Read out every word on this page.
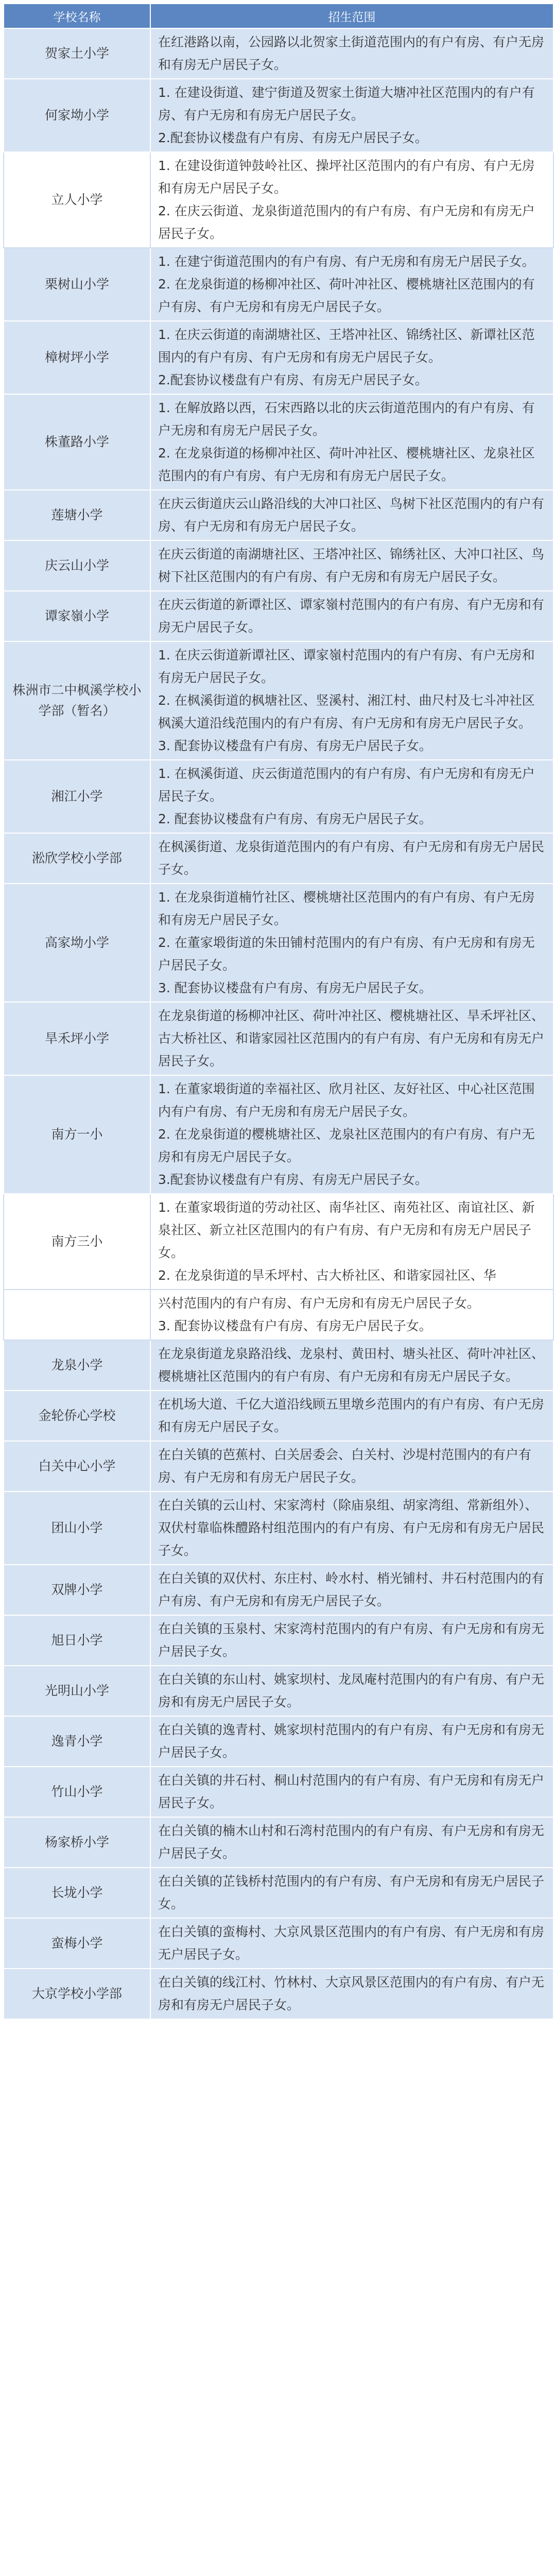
学校名称	招生范围
贺家土小学	在红港路以南，公园路以北贺家土街道范围内的有户有房、有户无房和有房无户居民子女。

何家坳小学	1. 在建设街道、建宁街道及贺家土街道大塘冲社区范围内的有户有房、有户无房和有房无户居民子女。
2.配套协议楼盘有户有房、有房无户居民子女。

立人小学	1. 在建设街道钟鼓岭社区、操坪社区范围内的有户有房、有户无房和有房无户居民子女。
2. 在庆云街道、龙泉街道范围内的有户有房、有户无房和有房无户居民子女。

栗树山小学	1. 在建宁街道范围内的有户有房、有户无房和有房无户居民子女。
2. 在龙泉街道的杨柳冲社区、荷叶冲社区、樱桃塘社区范围内的有户有房、有户无房和有房无户居民子女。

樟树坪小学	1. 在庆云街道的南湖塘社区、王塔冲社区、锦绣社区、新谭社区范围内的有户有房、有户无房和有房无户居民子女。
2.配套协议楼盘有户有房、有房无户居民子女。

株董路小学	1. 在解放路以西，石宋西路以北的庆云街道范围内的有户有房、有户无房和有房无户居民子女。
2. 在龙泉街道的杨柳冲社区、荷叶冲社区、樱桃塘社区、龙泉社区范围内的有户有房、有户无房和有房无户居民子女。

莲塘小学	在庆云街道庆云山路沿线的大冲口社区、鸟树下社区范围内的有户有房、有户无房和有房无户居民子女。

庆云山小学	在庆云街道的南湖塘社区、王塔冲社区、锦绣社区、大冲口社区、鸟树下社区范围内的有户有房、有户无房和有房无户居民子女。

谭家嶺小学	在庆云街道的新谭社区、谭家嶺村范围内的有户有房、有户无房和有房无户居民子女。

株洲市二中枫溪学校小学部（暂名）	1. 在庆云街道新谭社区、谭家嶺村范围内的有户有房、有户无房和有房无户居民子女。
2. 在枫溪街道的枫塘社区、竖溪村、湘江村、曲尺村及七斗冲社区枫溪大道沿线范围内的有户有房、有户无房和有房无户居民子女。
3. 配套协议楼盘有户有房、有房无户居民子女。

湘江小学	1. 在枫溪街道、庆云街道范围内的有户有房、有户无房和有房无户居民子女。
2. 配套协议楼盘有户有房、有房无户居民子女。

淞欣学校小学部	在枫溪街道、龙泉街道范围内的有户有房、有户无房和有房无户居民子女。

高家坳小学	1. 在龙泉街道楠竹社区、樱桃塘社区范围内的有户有房、有户无房和有房无户居民子女。
2. 在董家塅街道的朱田铺村范围内的有户有房、有户无房和有房无户居民子女。
3. 配套协议楼盘有户有房、有房无户居民子女。

旱禾坪小学	在龙泉街道的杨柳冲社区、荷叶冲社区、樱桃塘社区、旱禾坪社区、古大桥社区、和谐家园社区范围内的有户有房、有户无房和有房无户居民子女。

南方一小	1. 在董家塅街道的幸福社区、欣月社区、友好社区、中心社区范围内有户有房、有户无房和有房无户居民子女。
2. 在龙泉街道的樱桃塘社区、龙泉社区范围内的有户有房、有户无房和有房无户居民子女。
3.配套协议楼盘有户有房、有房无户居民子女。

南方三小	1. 在董家塅街道的劳动社区、南华社区、南苑社区、南谊社区、新泉社区、新立社区范围内的有户有房、有户无房和有房无户居民子女。
2. 在龙泉街道的旱禾坪村、古大桥社区、和谐家园社区、华

	兴村范围内的有户有房、有户无房和有房无户居民子女。
3. 配套协议楼盘有户有房、有房无户居民子女。

龙泉小学	在龙泉街道龙泉路沿线、龙泉村、黄田村、塘头社区、荷叶冲社区、樱桃塘社区范围内的有户有房、有户无房和有房无户居民子女。

金轮侨心学校	在机场大道、千亿大道沿线顾五里墩乡范围内的有户有房、有户无房和有房无户居民子女。

白关中心小学	在白关镇的芭蕉村、白关居委会、白关村、沙堤村范围内的有户有房、有户无房和有房无户居民子女。

团山小学	在白关镇的云山村、宋家湾村（除庙泉组、胡家湾组、常新组外）、双伏村靠临株醴路村组范围内的有户有房、有户无房和有房无户居民子女。

双牌小学	在白关镇的双伏村、东庄村、岭水村、梢光铺村、井石村范围内的有户有房、有户无房和有房无户居民子女。

旭日小学	在白关镇的玉泉村、宋家湾村范围内的有户有房、有户无房和有房无户居民子女。

光明山小学	在白关镇的东山村、姚家坝村、龙凤庵村范围内的有户有房、有户无房和有房无户居民子女。

逸青小学	在白关镇的逸青村、姚家坝村范围内的有户有房、有户无房和有房无户居民子女。

竹山小学	在白关镇的井石村、桐山村范围内的有户有房、有户无房和有房无户居民子女。

杨家桥小学	在白关镇的楠木山村和石湾村范围内的有户有房、有户无房和有房无户居民子女。

长垅小学	在白关镇的芷钱桥村范围内的有户有房、有户无房和有房无户居民子女。

蛮梅小学	在白关镇的蛮梅村、大京风景区范围内的有户有房、有户无房和有房无户居民子女。

大京学校小学部	在白关镇的线江村、竹林村、大京风景区范围内的有户有房、有户无房和有房无户居民子女。
